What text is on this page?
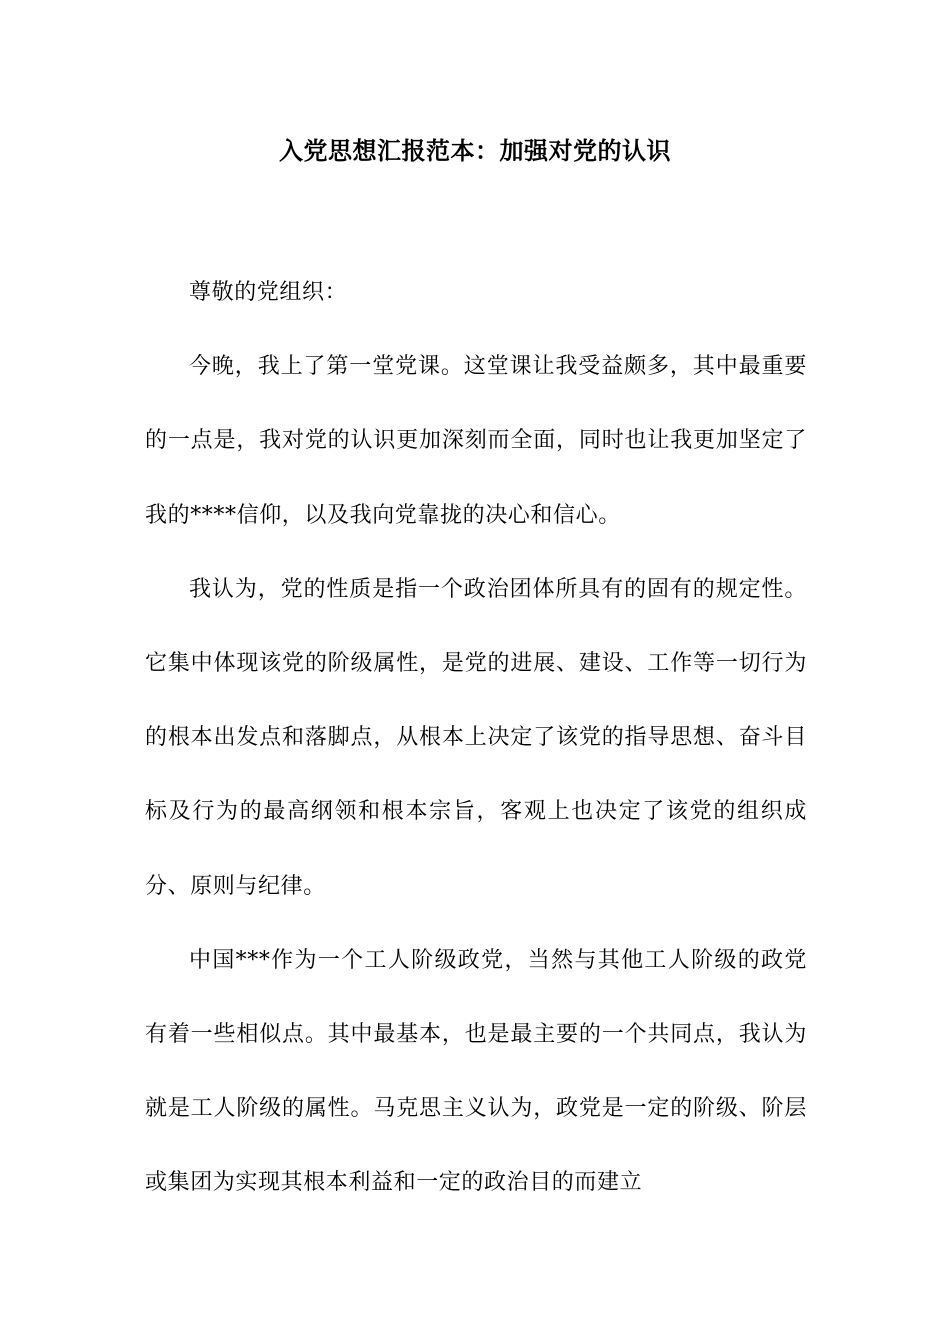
入党思想汇报范本：加强对党的认识

尊敬的党组织：

今晚，我上了第一堂党课。这堂课让我受益颇多，其中最重要的一点是，我对党的认识更加深刻而全面，同时也让我更加坚定了我的****信仰，以及我向党靠拢的决心和信心。

我认为，党的性质是指一个政治团体所具有的固有的规定性。它集中体现该党的阶级属性，是党的进展、建设、工作等一切行为的根本出发点和落脚点，从根本上决定了该党的指导思想、奋斗目标及行为的最高纲领和根本宗旨，客观上也决定了该党的组织成分、原则与纪律。

中国***作为一个工人阶级政党，当然与其他工人阶级的政党有着一些相似点。其中最基本，也是最主要的一个共同点，我认为就是工人阶级的属性。马克思主义认为，政党是一定的阶级、阶层或集团为实现其根本利益和一定的政治目的而建立
